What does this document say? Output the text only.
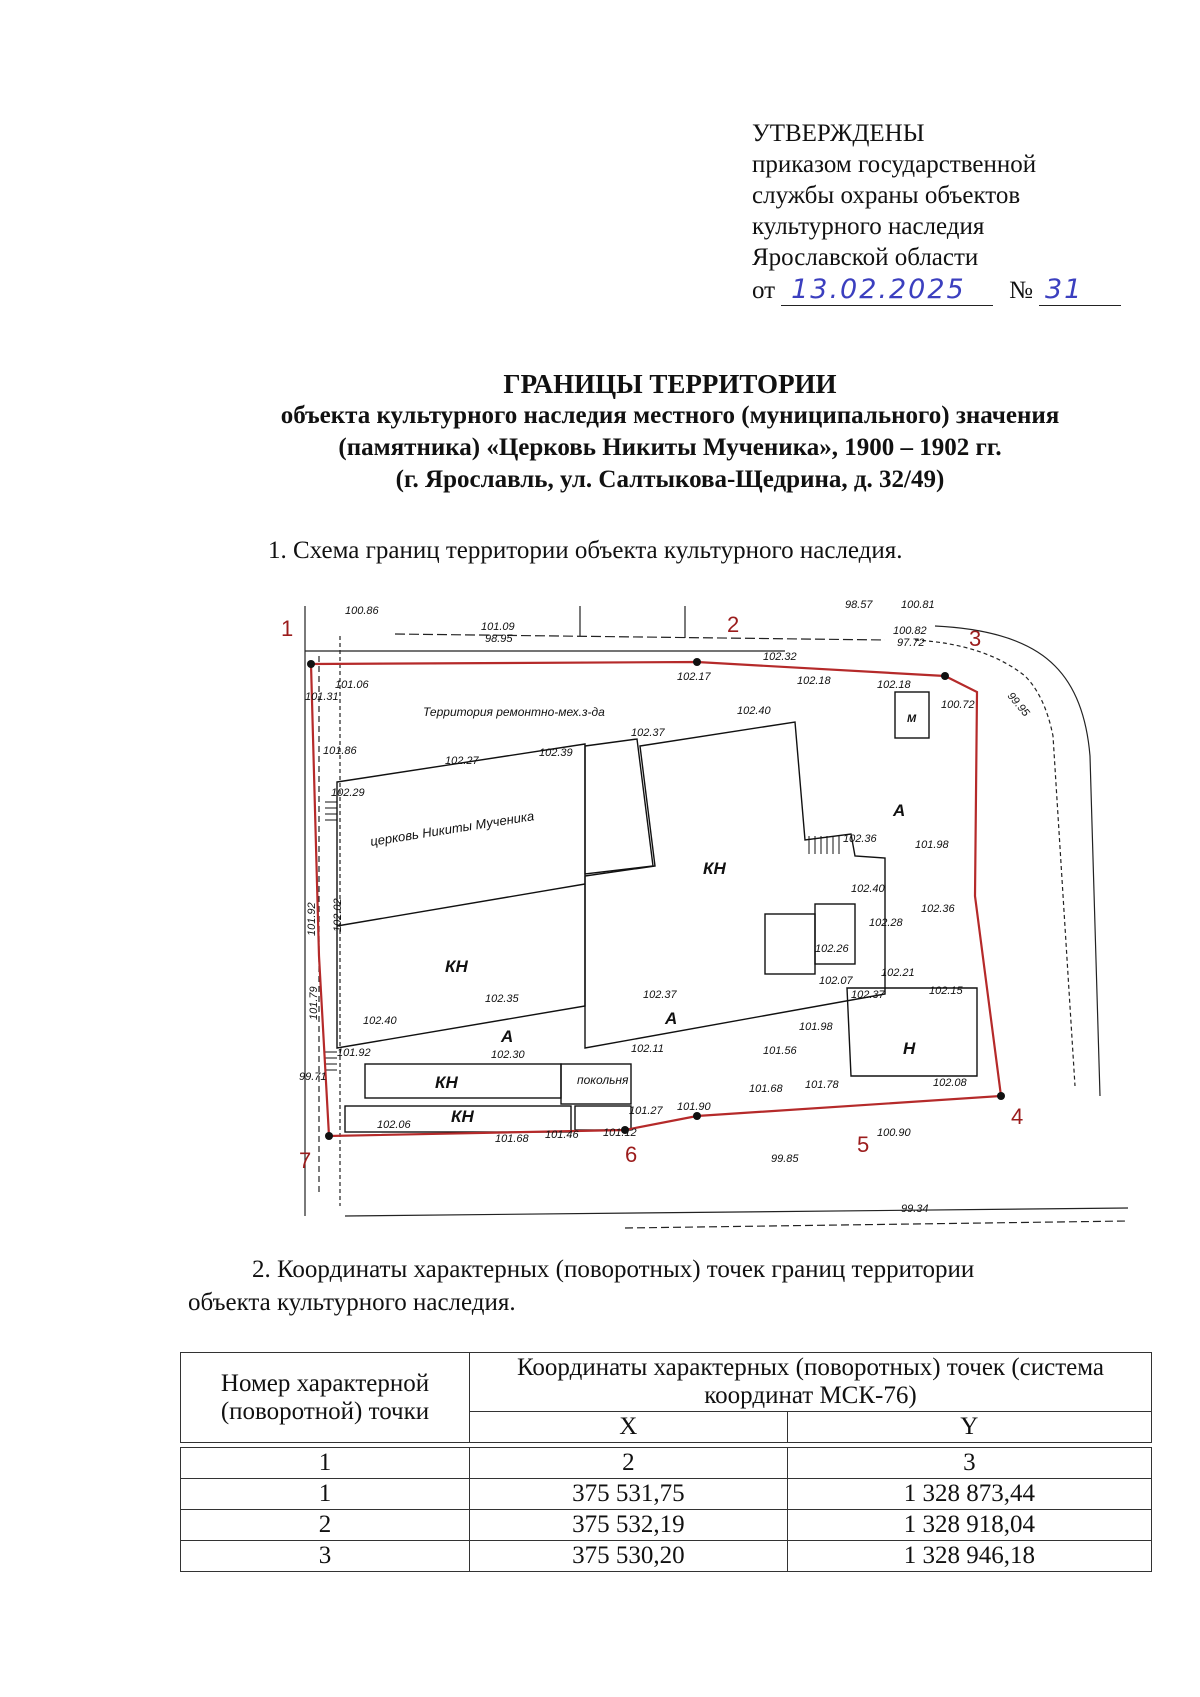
УТВЕРЖДЕНЫ
приказом государственной
службы охраны объектов
культурного наследия
Ярославской области
от 13.02.2025 № 31
ГРАНИЦЫ ТЕРРИТОРИИ
объекта культурного наследия местного (муниципального) значения
(памятника) «Церковь Никиты Мученика», 1900 – 1902 гг.
(г. Ярославль, ул. Салтыкова-Щедрина, д. 32/49)
1. Схема границ территории объекта культурного наследия.
1	2
3
4
5
6
7
церковь Никиты Мученика
Территория ремонтно-мех.з-да
КН
КН
КН
КН
А
А
А
Н
М
покольня
102.17
102.32
102.18	102.18
102.40
102.37
102.39
102.27
102.29
102.36	101.98
102.40
102.28
102.36
102.26
102.07
102.21
102.37	102.15
102.35
102.40
102.37
102.30	102.11
101.92
102.06
101.68 101.46 101.12
101.27 101.90
101.56
101.98
101.78
101.68	102.08
100.90
101.06
101.31
101.86
102.02
101.92
101.79
100.86
101.09
98.95
98.57	100.81
100.82
97.72
99.95
100.72
99.34
99.71
99.85
2. Координаты характерных (поворотных) точек границ территории
объекта культурного наследия.
Номер характерной (поворотной) точки	Координаты характерных (поворотных) точек (система координат МСК-76)	
	X	Y

1	2	3
1	375 531,75	1 328 873,44
2	375 532,19	1 328 918,04
3	375 530,20	1 328 946,18
